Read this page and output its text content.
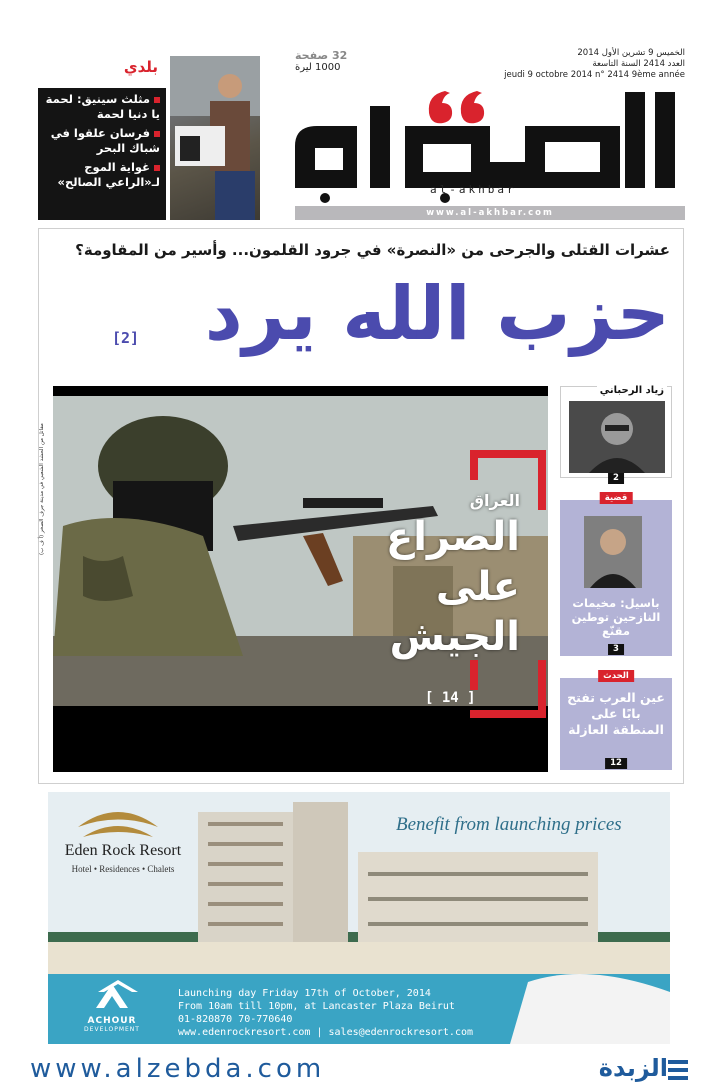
الخميس 9 تشرين الأول 2014
العدد 2414 السنة التاسعة
jeudi 9 octobre 2014 n° 2414 9ème année
32 صفحة
1000 ليرة
al-akhbar
www.al-akhbar.com
بلدي
مثلث سينيق: لحمة يا دنيا لحمة
فرسان علقوا في شباك البحر
غواية الموج لـ«الراعي الصالح»
عشرات القتلى والجرحى من «النصرة» في جرود القلمون... وأسير من المقاومة؟
حزب الله يرد
[2]
مقاتل من الحشد الشعبي في مدينة جرف الصخر (أ ف ب)	العراق
الصراع
على
الجيش
[ 14 ]
زياد الرحباني
2
قضية
باسيل: مخيمات النازحين توطين مقنّع
3
الحدث
عين العرب تفتح بابًا على المنطقة العازلة
12
Eden Rock Resort
Hotel • Residences • Chalets
Benefit from launching prices
ACHOUR
DEVELOPMENT
Launching day Friday 17th of October, 2014
From 10am till 10pm, at Lancaster Plaza Beirut
01-820870 70-770640
www.edenrockresort.com | sales@edenrockresort.com
www.alzebda.com	الزبدة
